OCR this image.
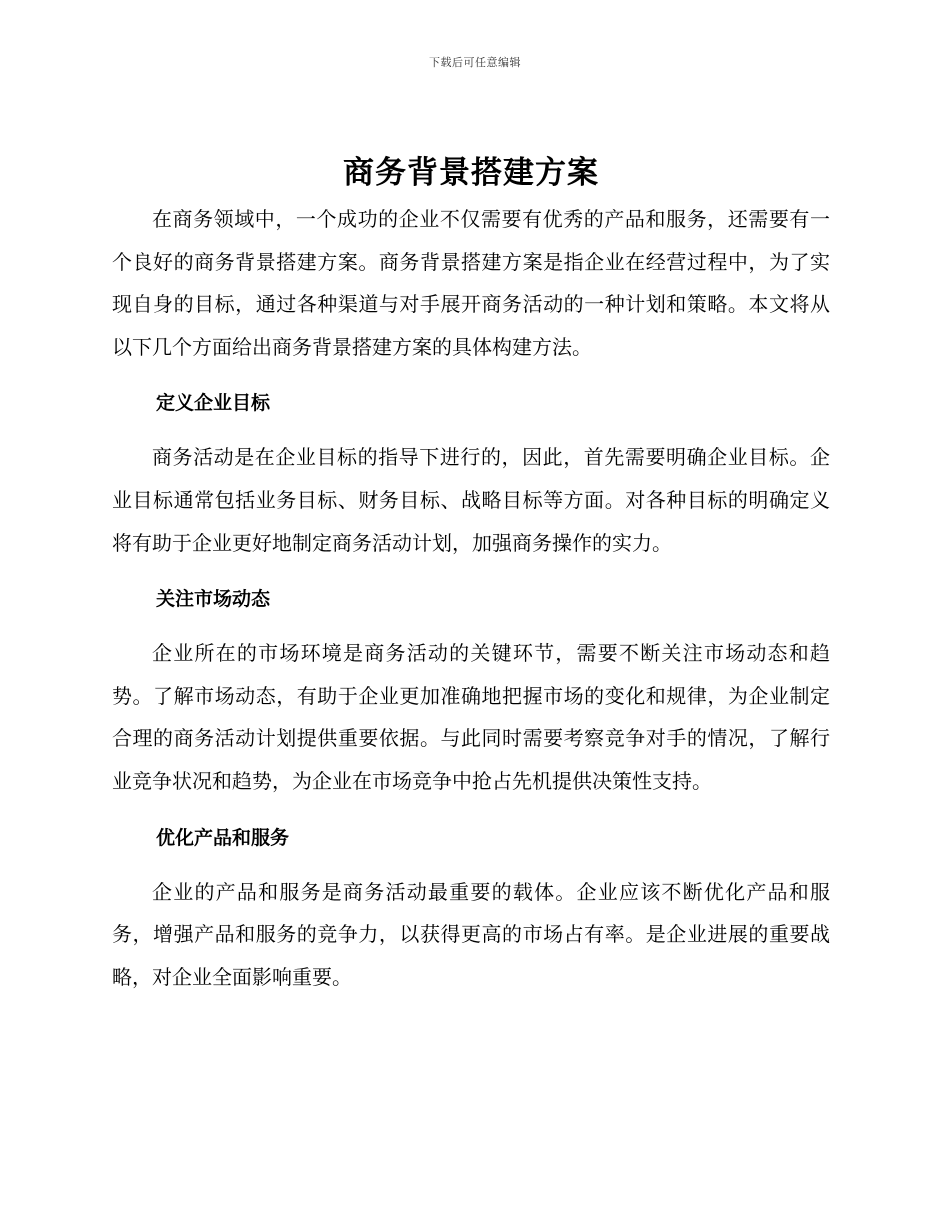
下载后可任意编辑
商务背景搭建方案

在商务领域中，一个成功的企业不仅需要有优秀的产品和服务，还需要有一个良好的商务背景搭建方案。商务背景搭建方案是指企业在经营过程中，为了实现自身的目标，通过各种渠道与对手展开商务活动的一种计划和策略。本文将从以下几个方面给出商务背景搭建方案的具体构建方法。

定义企业目标

商务活动是在企业目标的指导下进行的，因此，首先需要明确企业目标。企业目标通常包括业务目标、财务目标、战略目标等方面。对各种目标的明确定义将有助于企业更好地制定商务活动计划，加强商务操作的实力。

关注市场动态

企业所在的市场环境是商务活动的关键环节，需要不断关注市场动态和趋势。了解市场动态，有助于企业更加准确地把握市场的变化和规律，为企业制定合理的商务活动计划提供重要依据。与此同时需要考察竞争对手的情况，了解行业竞争状况和趋势，为企业在市场竞争中抢占先机提供决策性支持。

优化产品和服务

企业的产品和服务是商务活动最重要的载体。企业应该不断优化产品和服务，增强产品和服务的竞争力，以获得更高的市场占有率。是企业进展的重要战略，对企业全面影响重要。
